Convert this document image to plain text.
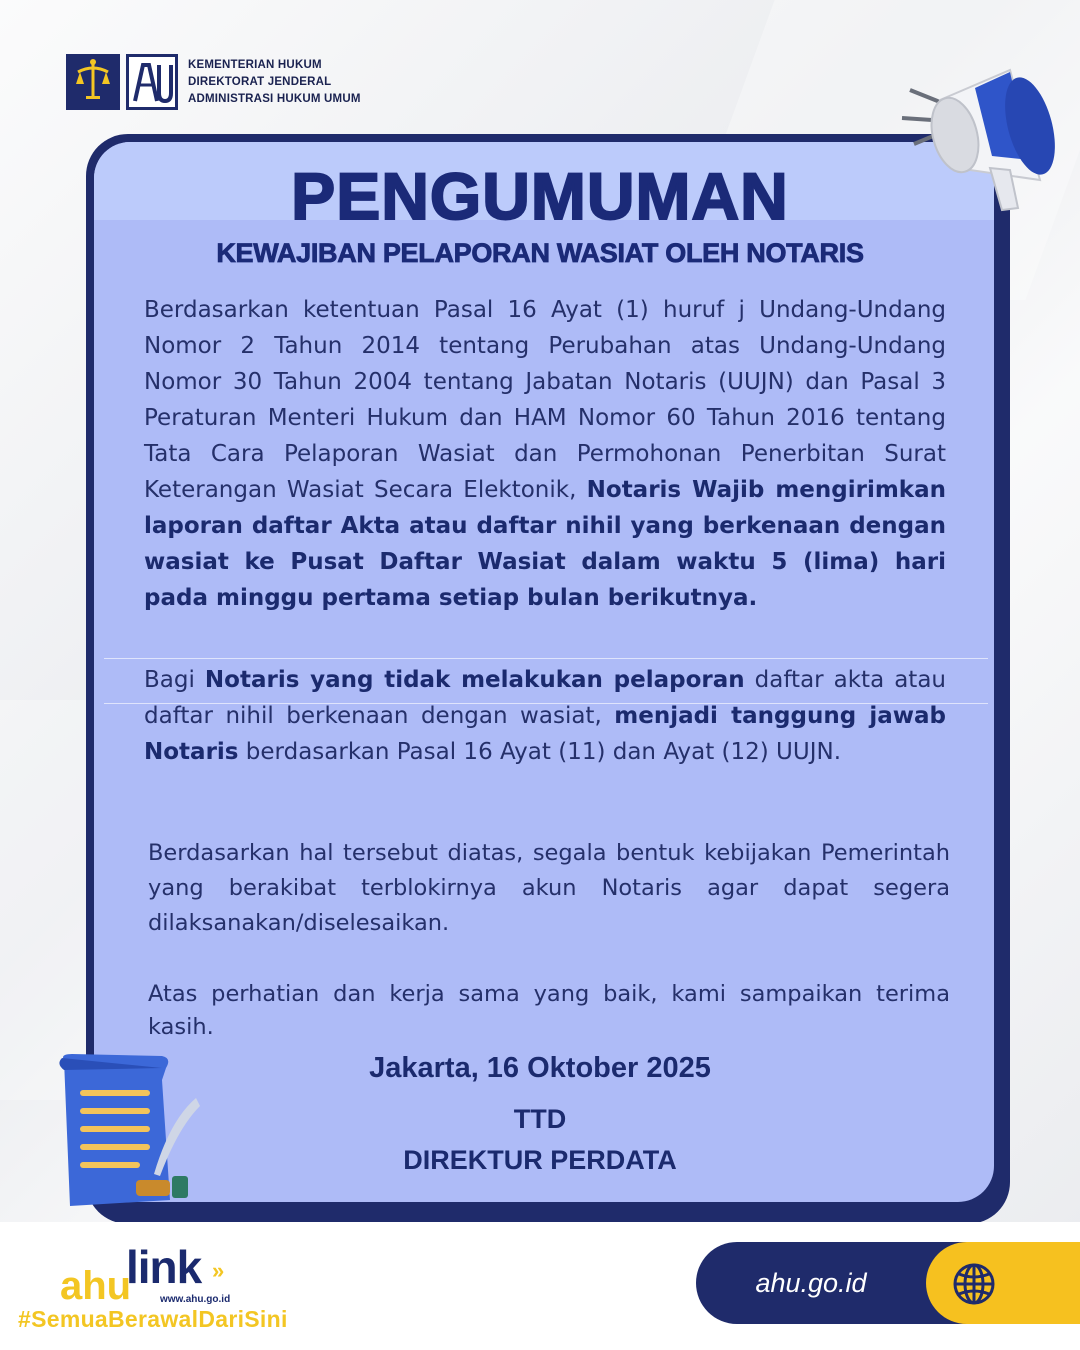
KEMENTERIAN HUKUM
DIREKTORAT JENDERAL
ADMINISTRASI HUKUM UMUM
PENGUMUMAN
KEWAJIBAN PELAPORAN WASIAT OLEH NOTARIS
Berdasarkan ketentuan Pasal 16 Ayat (1) huruf j Undang-Undang Nomor 2 Tahun 2014 tentang Perubahan atas Undang-Undang Nomor 30 Tahun 2004 tentang Jabatan Notaris (UUJN) dan Pasal 3 Peraturan Menteri Hukum dan HAM Nomor 60 Tahun 2016 tentang Tata Cara Pelaporan Wasiat dan Permohonan Penerbitan Surat Keterangan Wasiat Secara Elektonik, Notaris Wajib mengirimkan laporan daftar Akta atau daftar nihil yang berkenaan dengan wasiat ke Pusat Daftar Wasiat dalam waktu 5 (lima) hari pada minggu pertama setiap bulan berikutnya.
Bagi Notaris yang tidak melakukan pelaporan daftar akta atau daftar nihil berkenaan dengan wasiat, menjadi tanggung jawab Notaris berdasarkan Pasal 16 Ayat (11) dan Ayat (12) UUJN.
Berdasarkan hal tersebut diatas, segala bentuk kebijakan Pemerintah yang berakibat terblokirnya akun Notaris agar dapat segera dilaksanakan/diselesaikan.
Atas perhatian dan kerja sama yang baik, kami sampaikan terima kasih.
Jakarta, 16 Oktober 2025
TTD
DIREKTUR PERDATA
ahu
link
www.ahu.go.id
»
#SemuaBerawalDariSini
ahu.go.id
